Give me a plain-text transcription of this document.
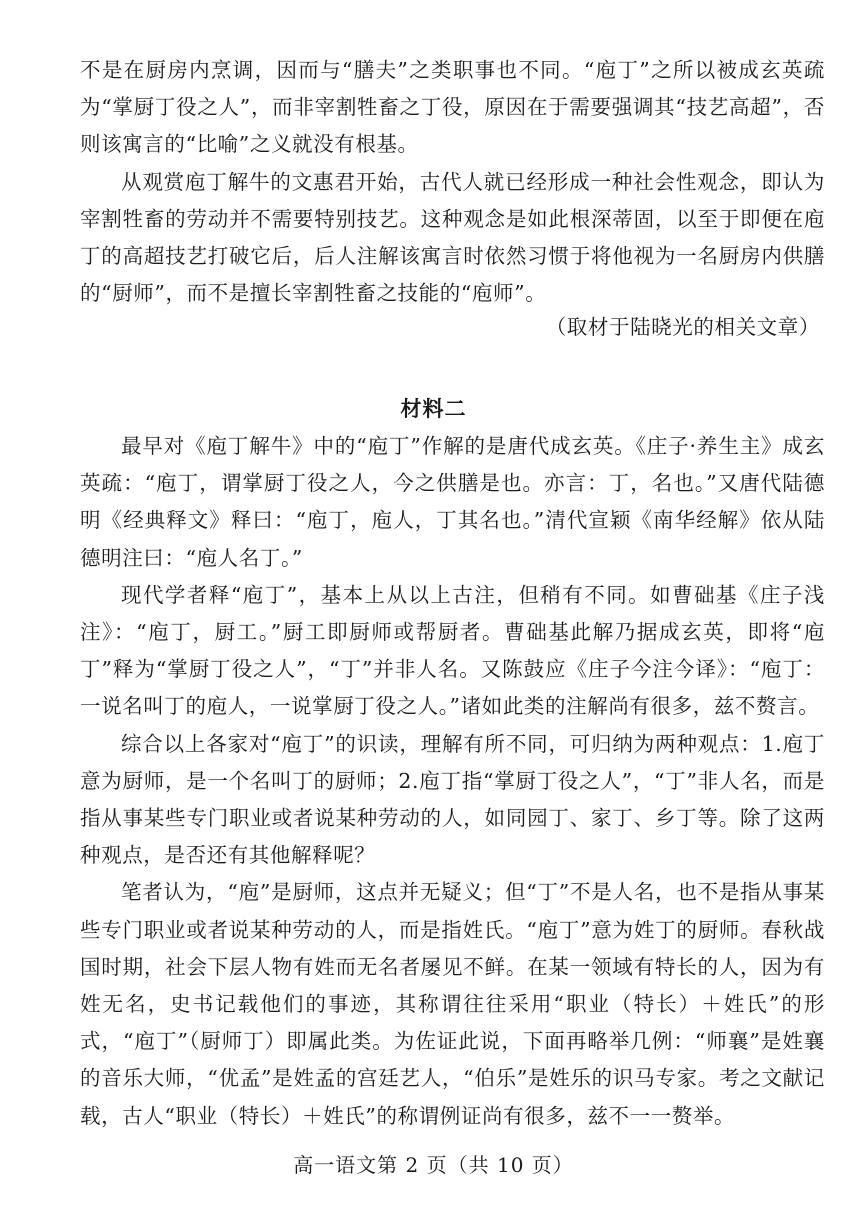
不是在厨房内烹调，因而与“膳夫”之类职事也不同。“庖丁”之所以被成玄英疏为“掌厨丁役之人”，而非宰割牲畜之丁役，原因在于需要强调其“技艺高超”，否则该寓言的“比喻”之义就没有根基。

从观赏庖丁解牛的文惠君开始，古代人就已经形成一种社会性观念，即认为宰割牲畜的劳动并不需要特别技艺。这种观念是如此根深蒂固，以至于即便在庖丁的高超技艺打破它后，后人注解该寓言时依然习惯于将他视为一名厨房内供膳的“厨师”，而不是擅长宰割牲畜之技能的“庖师”。

（取材于陆晓光的相关文章）
材料二

最早对《庖丁解牛》中的“庖丁”作解的是唐代成玄英。《庄子·养生主》成玄英疏：“庖丁，谓掌厨丁役之人，今之供膳是也。亦言：丁，名也。”又唐代陆德明《经典释文》释曰：“庖丁，庖人，丁其名也。”清代宣颖《南华经解》依从陆德明注曰：“庖人名丁。”

现代学者释“庖丁”，基本上从以上古注，但稍有不同。如曹础基《庄子浅注》：“庖丁，厨工。”厨工即厨师或帮厨者。曹础基此解乃据成玄英，即将“庖丁”释为“掌厨丁役之人”，“丁”并非人名。又陈鼓应《庄子今注今译》：“庖丁：一说名叫丁的庖人，一说掌厨丁役之人。”诸如此类的注解尚有很多，兹不赘言。

综合以上各家对“庖丁”的识读，理解有所不同，可归纳为两种观点：1.庖丁意为厨师，是一个名叫丁的厨师；2.庖丁指“掌厨丁役之人”，“丁”非人名，而是指从事某些专门职业或者说某种劳动的人，如同园丁、家丁、乡丁等。除了这两种观点，是否还有其他解释呢？

笔者认为，“庖”是厨师，这点并无疑义；但“丁”不是人名，也不是指从事某些专门职业或者说某种劳动的人，而是指姓氏。“庖丁”意为姓丁的厨师。春秋战国时期，社会下层人物有姓而无名者屡见不鲜。在某一领域有特长的人，因为有姓无名，史书记载他们的事迹，其称谓往往采用“职业（特长）＋姓氏”的形式，“庖丁”（厨师丁）即属此类。为佐证此说，下面再略举几例：“师襄”是姓襄的音乐大师，“优孟”是姓孟的宫廷艺人，“伯乐”是姓乐的识马专家。考之文献记载，古人“职业（特长）＋姓氏”的称谓例证尚有很多，兹不一一赘举。

高一语文第 2 页（共 10 页）
